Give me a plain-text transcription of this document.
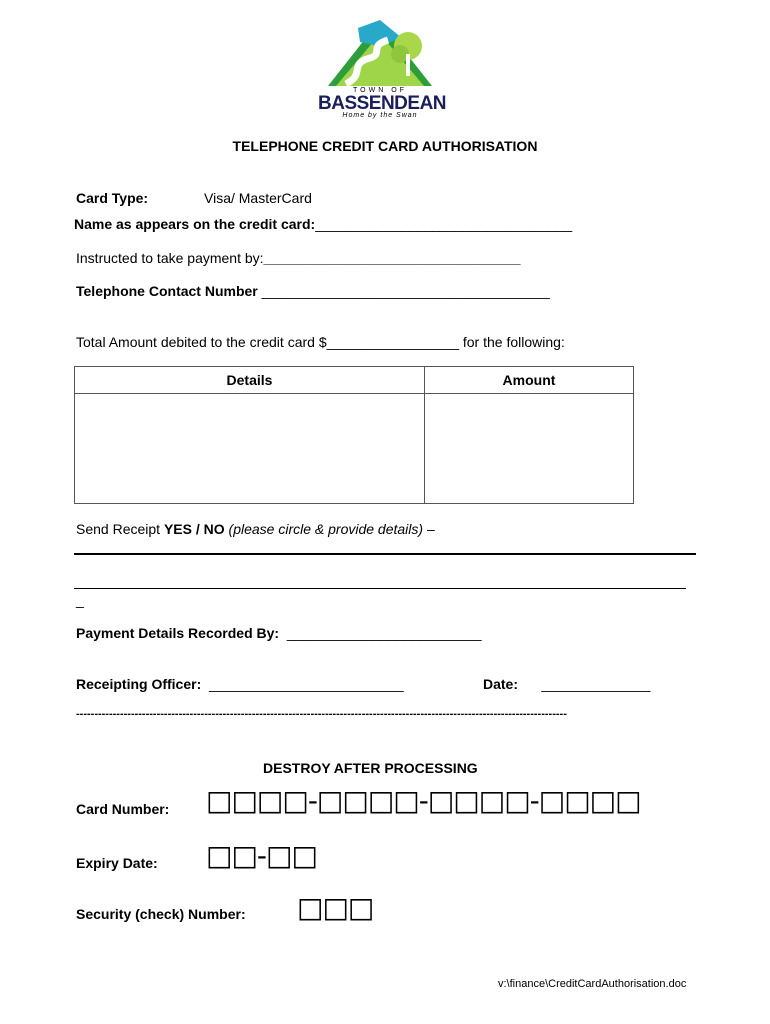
TOWN OF
BASSENDEAN
Home by the Swan
TELEPHONE CREDIT CARD AUTHORISATION
Card Type:	Visa/ MasterCard
Name as appears on the credit card:_________________________________
Instructed to take payment by:_________________________________
Telephone Contact Number _____________________________________
Total Amount debited to the credit card $_________________ for the following:
Details	Amount

Send Receipt YES / NO (please circle & provide details) –
_
Payment Details Recorded By: _________________________
Receipting Officer: _________________________	Date: ______________
--------------------------------------------------------------------------------------------------------------------------------------
DESTROY AFTER PROCESSING
Card Number: □□□□-□□□□-□□□□-□□□□
Expiry Date: □□-□□
Security (check) Number: □□□
v:\finance\CreditCardAuthorisation.doc
